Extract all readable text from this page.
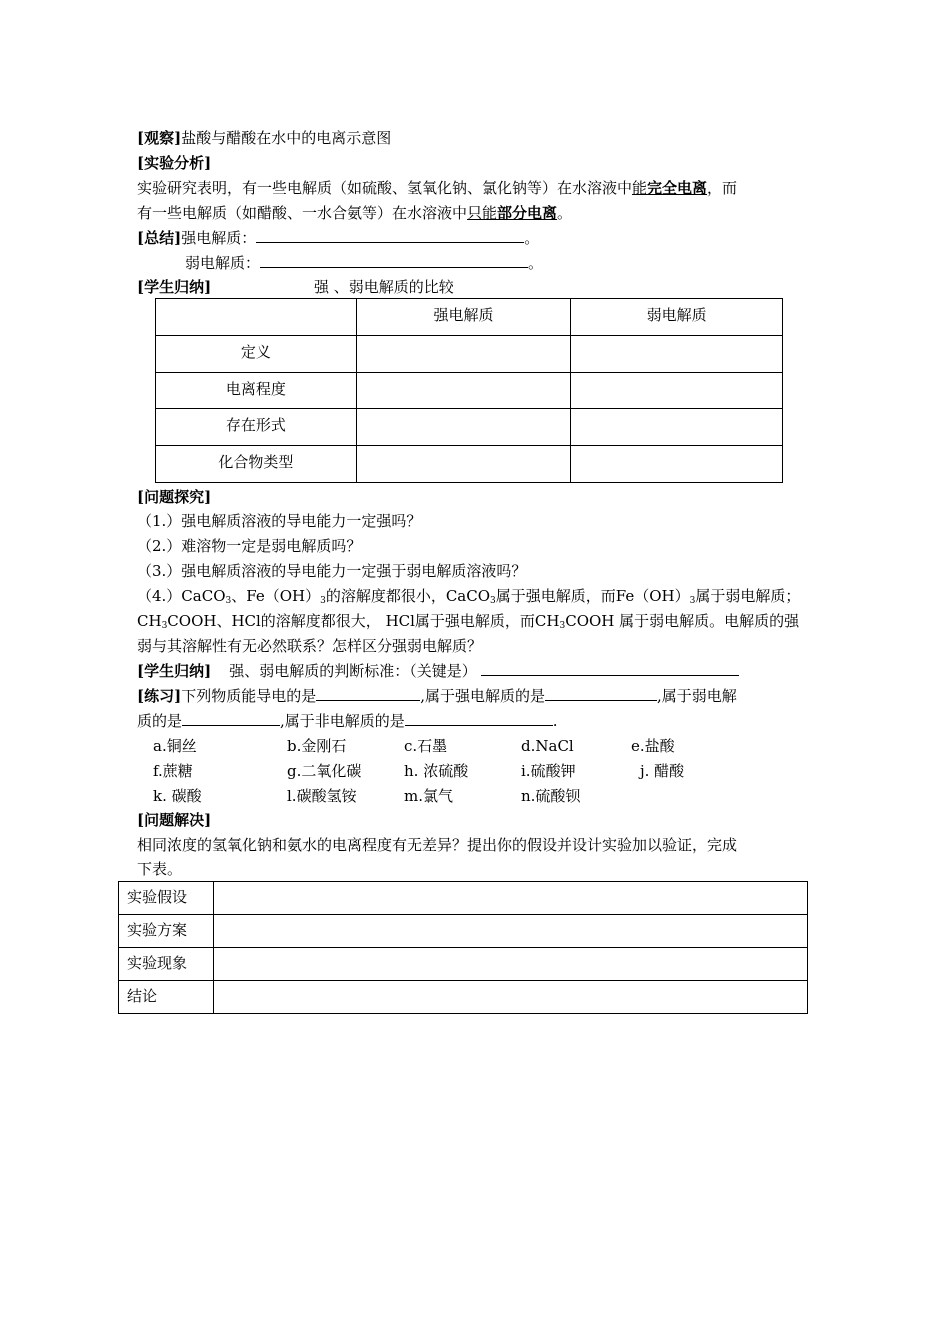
[观察]盐酸与醋酸在水中的电离示意图
[实验分析]
实验研究表明，有一些电解质（如硫酸、氢氧化钠、氯化钠等）在水溶液中能完全电离，而
有一些电解质（如醋酸、一水合氨等）在水溶液中只能部分电离。
[总结]强电解质：	。
弱电解质：	。
[学生归纳]	强 、弱电解质的比较
	强电解质	弱电解质
定义		
电离程度		
存在形式		
化合物类型		
[问题探究]
（1.）强电解质溶液的导电能力一定强吗？
（2.）难溶物一定是弱电解质吗？
（3.）强电解质溶液的导电能力一定强于弱电解质溶液吗？
（4.）CaCO$_3$、$Fe(OH)_3$的溶解度都很小，CaCO$_3$属于强电解质，而$Fe(OH)_3$属于弱电解质；
$CH_3COOH$、HCl的溶解度都很大， HCl属于强电解质，而$CH_3COOH$ 属于弱电解质。电解质的强
弱与其溶解性有无必然联系？怎样区分强弱电解质？
[学生归纳] 强、弱电解质的判断标准：（关键是）
[练习]下列物质能导电的是	,属于强电解质的是	,属于弱电解
质的是	,属于非电解质的是	.
a.铜丝	b.金刚石	c.石墨	d.NaCl	e.盐酸
f.蔗糖	g.二氧化碳	h. 浓硫酸	i.硫酸钾	j. 醋酸
k. 碳酸	l.碳酸氢铵	m.氯气	n.硫酸钡
[问题解决]
相同浓度的氢氧化钠和氨水的电离程度有无差异？提出你的假设并设计实验加以验证，完成
下表。
实验假设	
实验方案	
实验现象	
结论	
